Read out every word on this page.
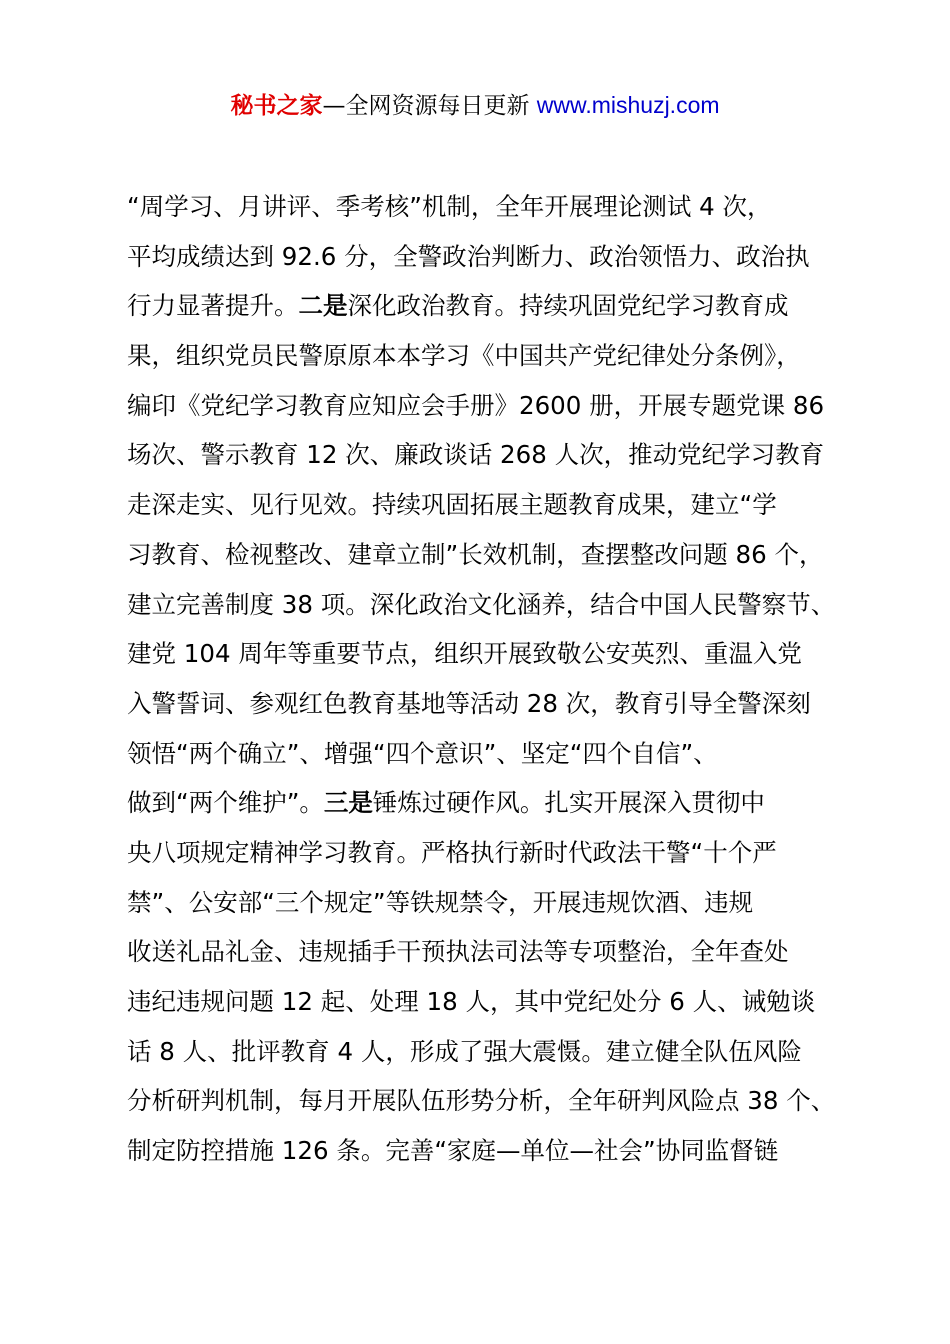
秘书之家—全网资源每日更新 www.mishuzj.com
“周学习、月讲评、季考核”机制，全年开展理论测试 4 次，
平均成绩达到 92.6 分，全警政治判断力、政治领悟力、政治执
行力显著提升。二是深化政治教育。持续巩固党纪学习教育成
果，组织党员民警原原本本学习《中国共产党纪律处分条例》，
编印《党纪学习教育应知应会手册》2600 册，开展专题党课 86
场次、警示教育 12 次、廉政谈话 268 人次，推动党纪学习教育
走深走实、见行见效。持续巩固拓展主题教育成果，建立“学
习教育、检视整改、建章立制”长效机制，查摆整改问题 86 个，
建立完善制度 38 项。深化政治文化涵养，结合中国人民警察节、
建党 104 周年等重要节点，组织开展致敬公安英烈、重温入党
入警誓词、参观红色教育基地等活动 28 次，教育引导全警深刻
领悟“两个确立”、增强“四个意识”、坚定“四个自信”、
做到“两个维护”。三是锤炼过硬作风。扎实开展深入贯彻中
央八项规定精神学习教育。严格执行新时代政法干警“十个严
禁”、公安部“三个规定”等铁规禁令，开展违规饮酒、违规
收送礼品礼金、违规插手干预执法司法等专项整治，全年查处
违纪违规问题 12 起、处理 18 人，其中党纪处分 6 人、诫勉谈
话 8 人、批评教育 4 人，形成了强大震慑。建立健全队伍风险
分析研判机制，每月开展队伍形势分析，全年研判风险点 38 个、
制定防控措施 126 条。完善“家庭—单位—社会”协同监督链
